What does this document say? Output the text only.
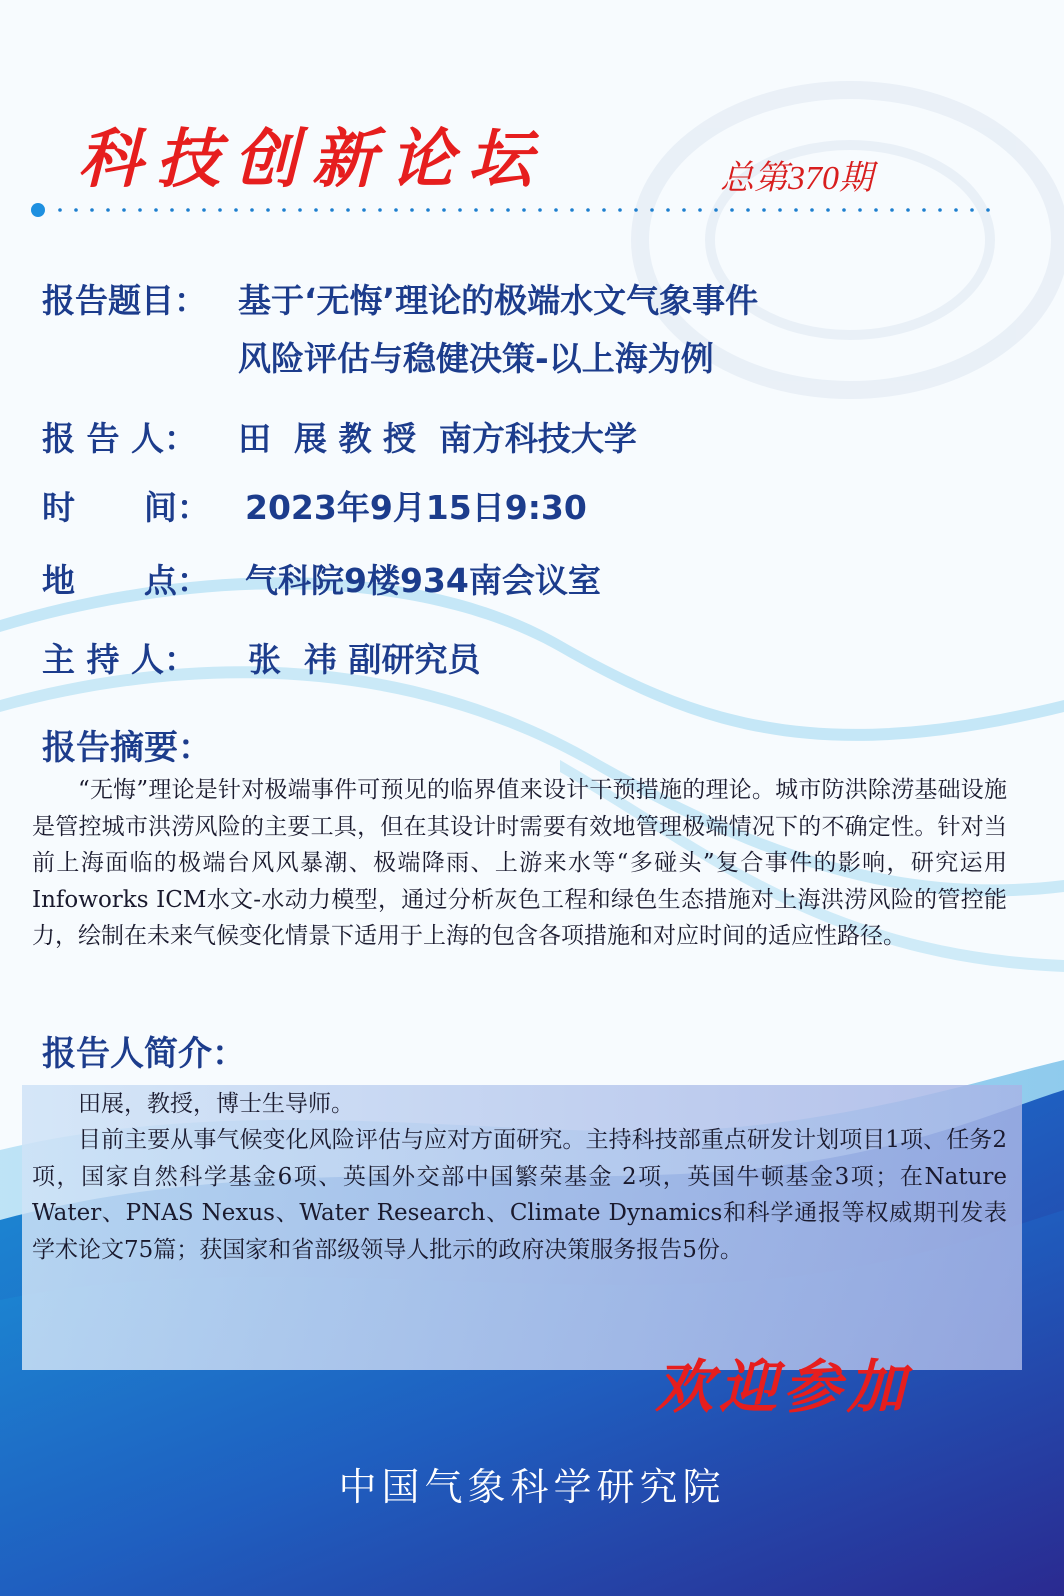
科技创新论坛	总第370期
报告题目： 基于‘无悔’理论的极端水文气象事件
风险评估与稳健决策-以上海为例
报 告 人： 田  展 教 授  南方科技大学
时      间： 2023年9月15日9:30
地      点： 气科院9楼934南会议室
主 持 人： 张  祎 副研究员
报告摘要：
“无悔”理论是针对极端事件可预见的临界值来设计干预措施的理论。城市防洪除涝基础设施是管控城市洪涝风险的主要工具，但在其设计时需要有效地管理极端情况下的不确定性。针对当前上海面临的极端台风风暴潮、极端降雨、上游来水等“多碰头”复合事件的影响，研究运用Infoworks ICM水文-水动力模型，通过分析灰色工程和绿色生态措施对上海洪涝风险的管控能力，绘制在未来气候变化情景下适用于上海的包含各项措施和对应时间的适应性路径。
报告人简介：
田展，教授，博士生导师。
目前主要从事气候变化风险评估与应对方面研究。主持科技部重点研发计划项目1项、任务2项，国家自然科学基金6项、英国外交部中国繁荣基金 2项，英国牛顿基金3项；在Nature Water、PNAS Nexus、Water Research、Climate Dynamics和科学通报等权威期刊发表学术论文75篇；获国家和省部级领导人批示的政府决策服务报告5份。
欢迎参加
中国气象科学研究院
